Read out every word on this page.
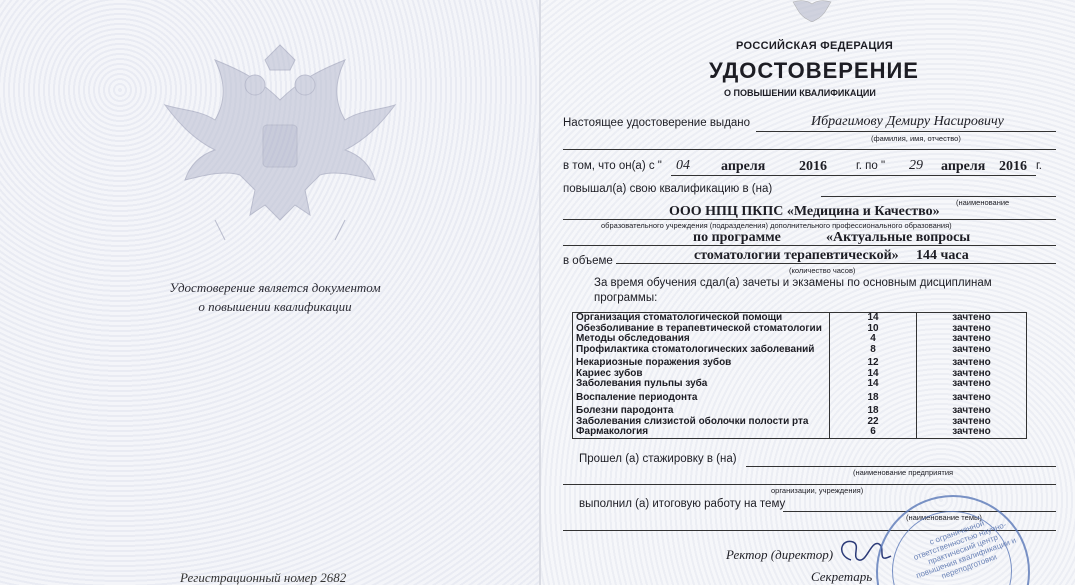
Удостоверение является документом
о повышении квалификации
Регистрационный номер 2682
РОССИЙСКАЯ ФЕДЕРАЦИЯ
УДОСТОВЕРЕНИЕ
О ПОВЫШЕНИИ КВАЛИФИКАЦИИ
Настоящее удостоверение выдано	Ибрагимову Демиру Насировичу
(фамилия, имя, отчество)
в том, что он(а) с " 04 апреля 2016	г. по " 29 апреля 2016 г.
повышал(а) свою квалификацию в (на)
(наименование
ООО НПЦ ПКПС «Медицина и Качество»
образовательного учреждения (подразделения) дополнительного профессионального образования)
по программе	«Актуальные вопросы
в объеме	стоматологии терапевтической» 144 часа
(количество часов)
За время обучения сдал(а) зачеты и экзамены по основным дисциплинам
программы:
Организация стоматологической помощи	14	зачтено
Обезболивание в терапевтической стоматологии	10	зачтено
Методы обследования	4	зачтено
Профилактика стоматологических заболеваний	8	зачтено
Некариозные поражения зубов	12	зачтено
Кариес зубов	14	зачтено
Заболевания пульпы зуба	14	зачтено
Воспаление периодонта	18	зачтено
Болезни пародонта	18	зачтено
Заболевания слизистой оболочки полости рта	22	зачтено
Фармакология	6	зачтено
Прошел (а) стажировку в (на)
(наименование предприятия
организации, учреждения)
выполнил (а) итоговую работу на тему
(наименование темы)
Ректор (директор)
Секретарь
с ограниченной ответственностью научно-практический центр повышения квалификации и переподготовки
